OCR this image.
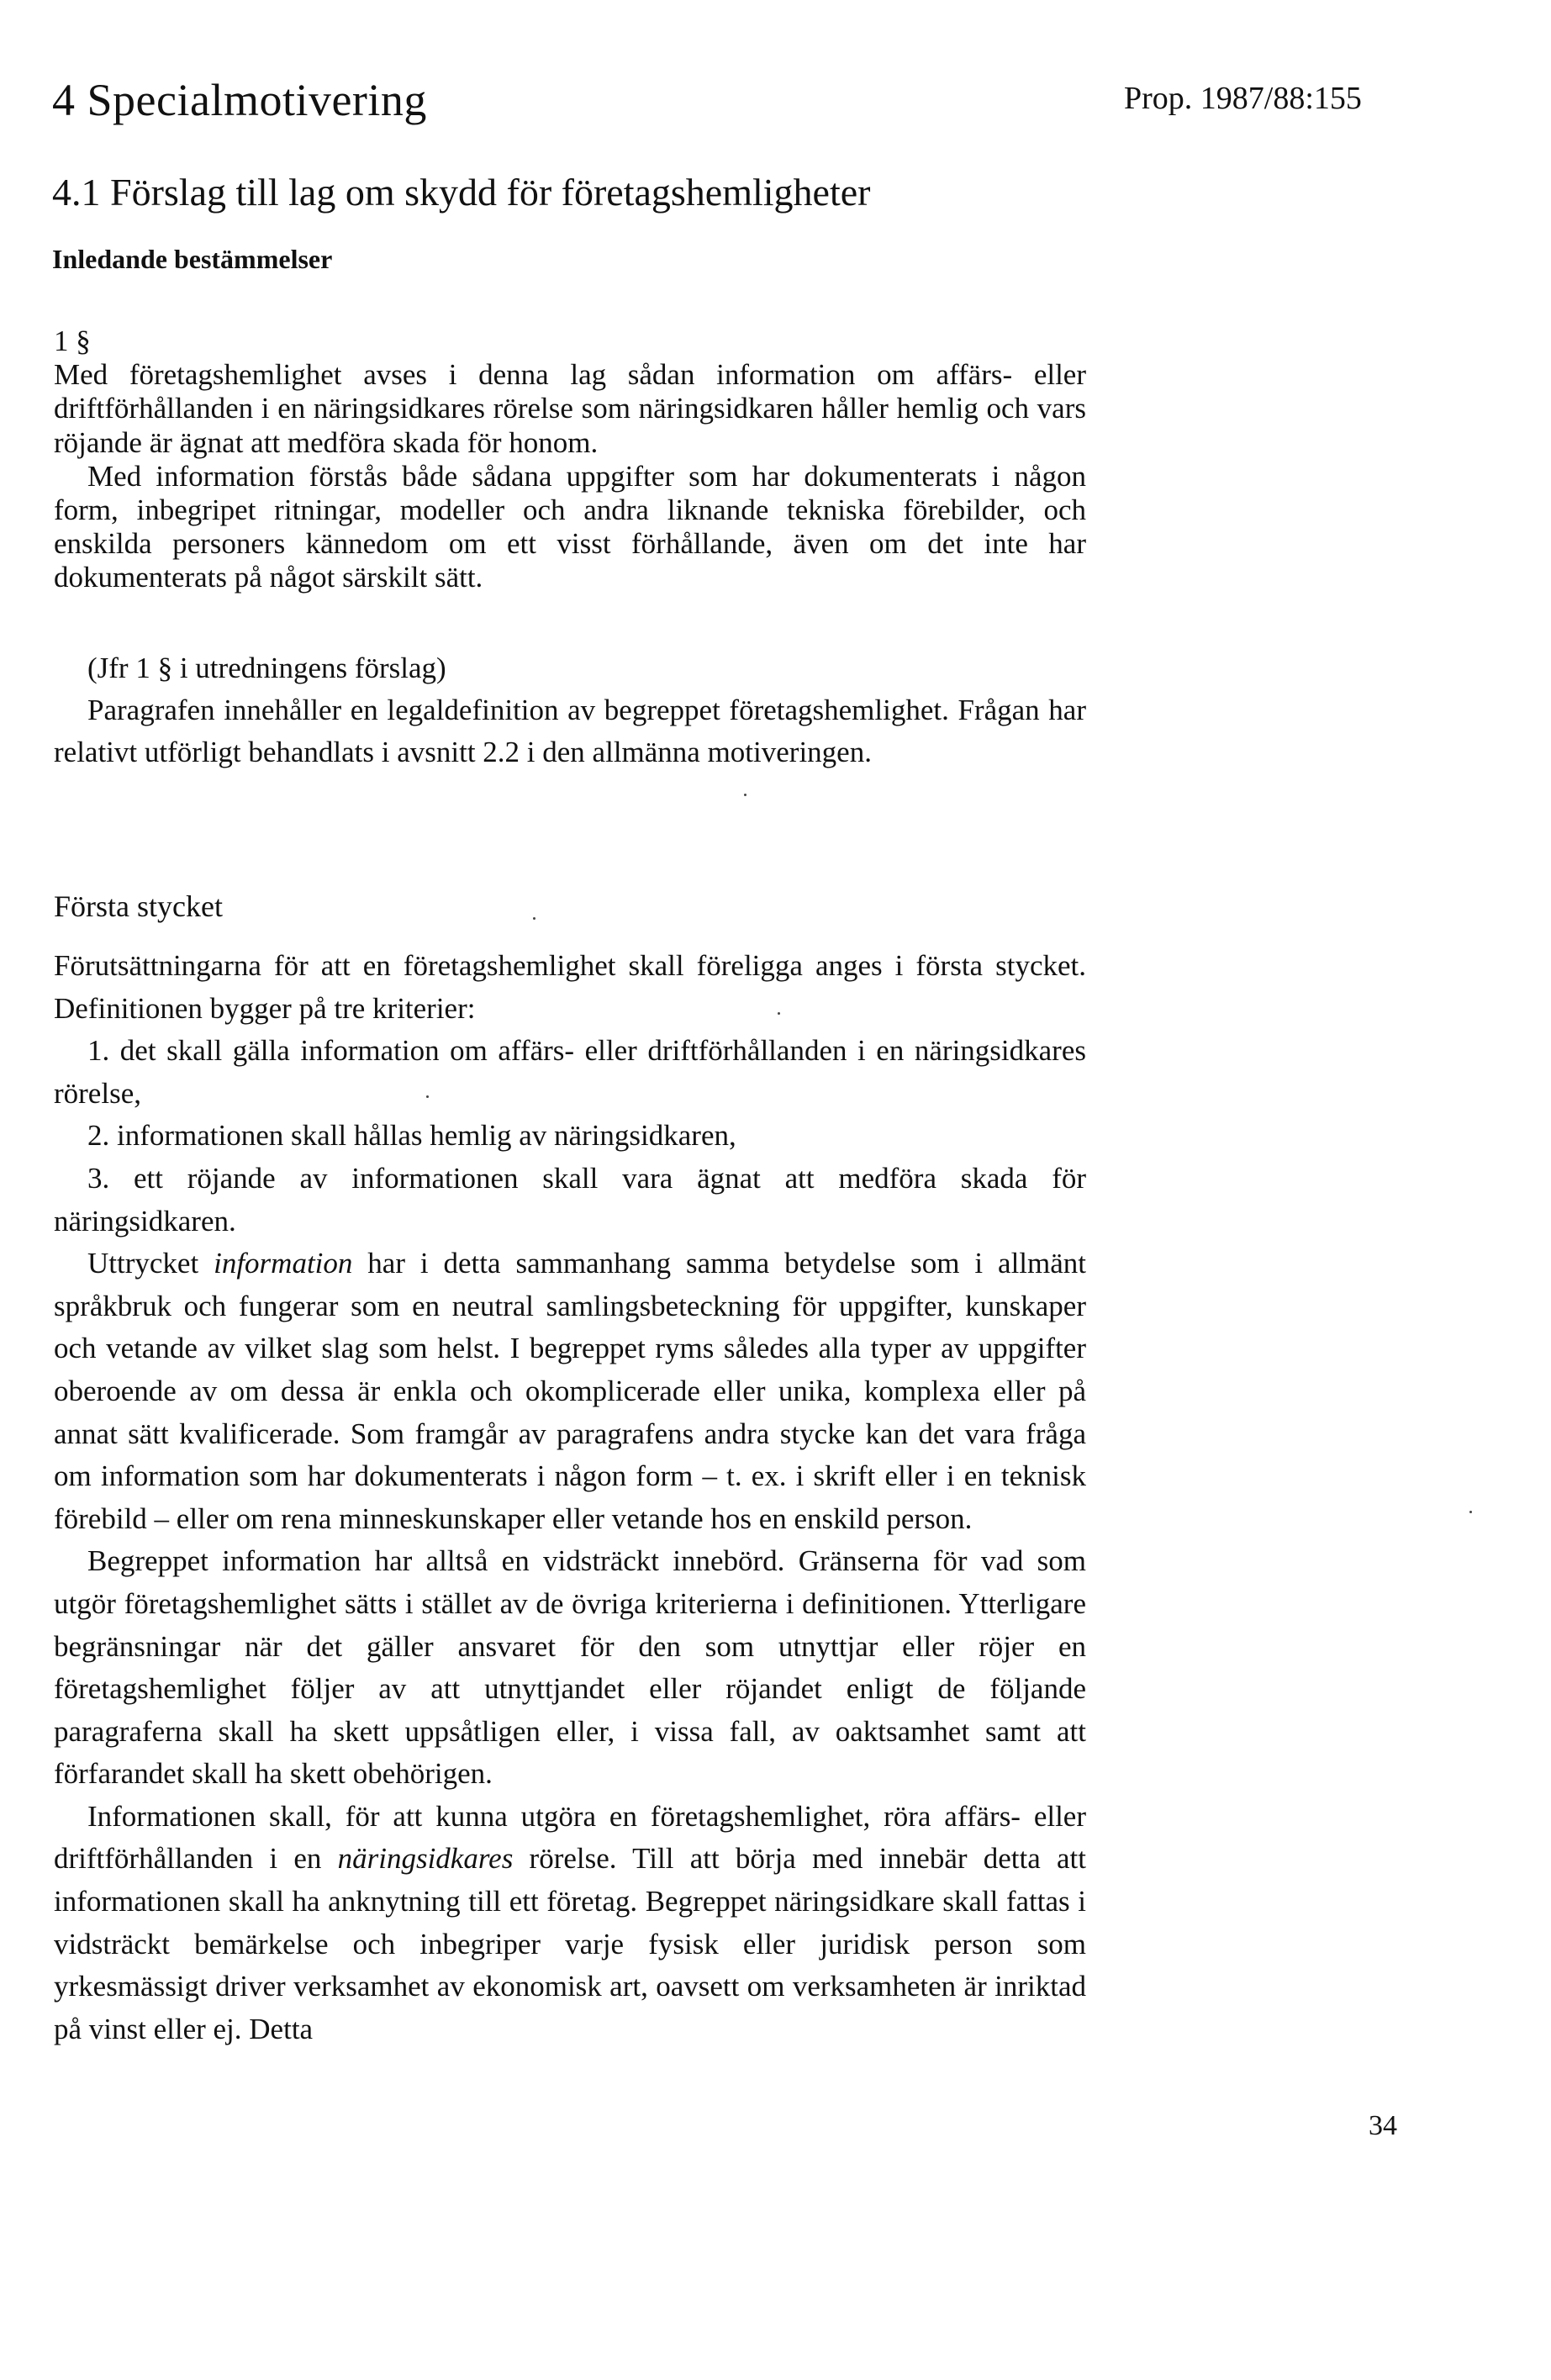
4 Specialmotivering	Prop. 1987/88:155
4.1 Förslag till lag om skydd för företagshemligheter
Inledande bestämmelser

1 §

Med företagshemlighet avses i denna lag sådan information om affärs- eller driftförhållanden i en näringsidkares rörelse som näringsidkaren håller hemlig och vars röjande är ägnat att medföra skada för honom.

Med information förstås både sådana uppgifter som har dokumenterats i någon form, inbegripet ritningar, modeller och andra liknande tekniska förebilder, och enskilda personers kännedom om ett visst förhållande, även om det inte har dokumenterats på något särskilt sätt.

(Jfr 1 § i utredningens förslag)

Paragrafen innehåller en legaldefinition av begreppet företagshemlighet. Frågan har relativt utförligt behandlats i avsnitt 2.2 i den allmänna motiveringen.

Första stycket

Förutsättningarna för att en företagshemlighet skall föreligga anges i första stycket. Definitionen bygger på tre kriterier:

1. det skall gälla information om affärs- eller driftförhållanden i en näringsidkares rörelse,

2. informationen skall hållas hemlig av näringsidkaren,

3. ett röjande av informationen skall vara ägnat att medföra skada för näringsidkaren.

Uttrycket information har i detta sammanhang samma betydelse som i allmänt språkbruk och fungerar som en neutral samlingsbeteckning för uppgifter, kunskaper och vetande av vilket slag som helst. I begreppet ryms således alla typer av uppgifter oberoende av om dessa är enkla och okomplicerade eller unika, komplexa eller på annat sätt kvalificerade. Som framgår av paragrafens andra stycke kan det vara fråga om information som har dokumenterats i någon form – t. ex. i skrift eller i en teknisk förebild – eller om rena minneskunskaper eller vetande hos en enskild person.

Begreppet information har alltså en vidsträckt innebörd. Gränserna för vad som utgör företagshemlighet sätts i stället av de övriga kriterierna i definitionen. Ytterligare begränsningar när det gäller ansvaret för den som utnyttjar eller röjer en företagshemlighet följer av att utnyttjandet eller röjandet enligt de följande paragraferna skall ha skett uppsåtligen eller, i vissa fall, av oaktsamhet samt att förfarandet skall ha skett obehörigen.

Informationen skall, för att kunna utgöra en företagshemlighet, röra affärs- eller driftförhållanden i en näringsidkares rörelse. Till att börja med innebär detta att informationen skall ha anknytning till ett företag. Begreppet näringsidkare skall fattas i vidsträckt bemärkelse och inbegriper varje fysisk eller juridisk person som yrkesmässigt driver verksamhet av ekonomisk art, oavsett om verksamheten är inriktad på vinst eller ej. Detta

34
